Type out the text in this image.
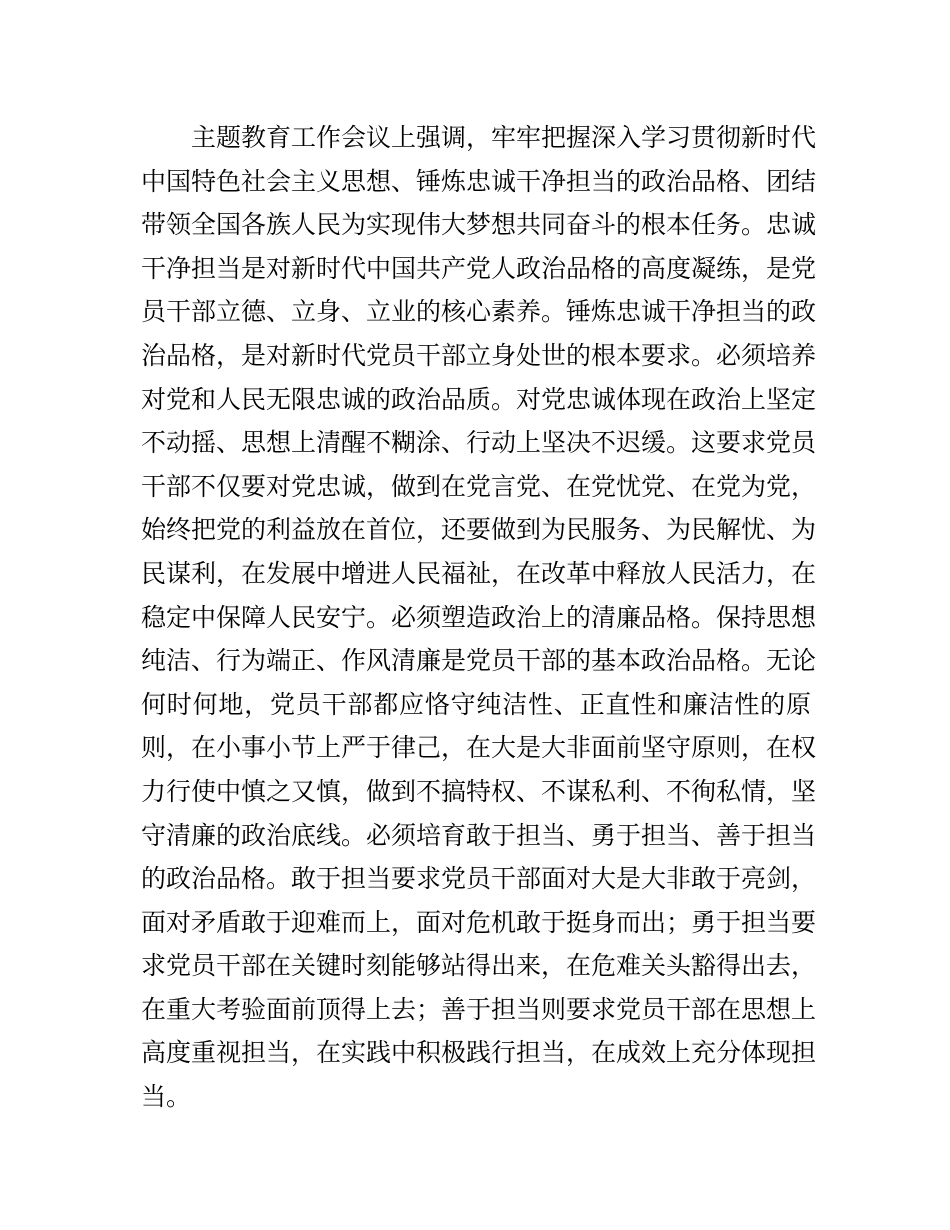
主题教育工作会议上强调，牢牢把握深入学习贯彻新时代
中国特色社会主义思想、锤炼忠诚干净担当的政治品格、团结
带领全国各族人民为实现伟大梦想共同奋斗的根本任务。忠诚
干净担当是对新时代中国共产党人政治品格的高度凝练，是党
员干部立德、立身、立业的核心素养。锤炼忠诚干净担当的政
治品格，是对新时代党员干部立身处世的根本要求。必须培养
对党和人民无限忠诚的政治品质。对党忠诚体现在政治上坚定
不动摇、思想上清醒不糊涂、行动上坚决不迟缓。这要求党员
干部不仅要对党忠诚，做到在党言党、在党忧党、在党为党，
始终把党的利益放在首位，还要做到为民服务、为民解忧、为
民谋利，在发展中增进人民福祉，在改革中释放人民活力，在
稳定中保障人民安宁。必须塑造政治上的清廉品格。保持思想
纯洁、行为端正、作风清廉是党员干部的基本政治品格。无论
何时何地，党员干部都应恪守纯洁性、正直性和廉洁性的原
则，在小事小节上严于律己，在大是大非面前坚守原则，在权
力行使中慎之又慎，做到不搞特权、不谋私利、不徇私情，坚
守清廉的政治底线。必须培育敢于担当、勇于担当、善于担当
的政治品格。敢于担当要求党员干部面对大是大非敢于亮剑，
面对矛盾敢于迎难而上，面对危机敢于挺身而出；勇于担当要
求党员干部在关键时刻能够站得出来，在危难关头豁得出去，
在重大考验面前顶得上去；善于担当则要求党员干部在思想上
高度重视担当，在实践中积极践行担当，在成效上充分体现担
当。
